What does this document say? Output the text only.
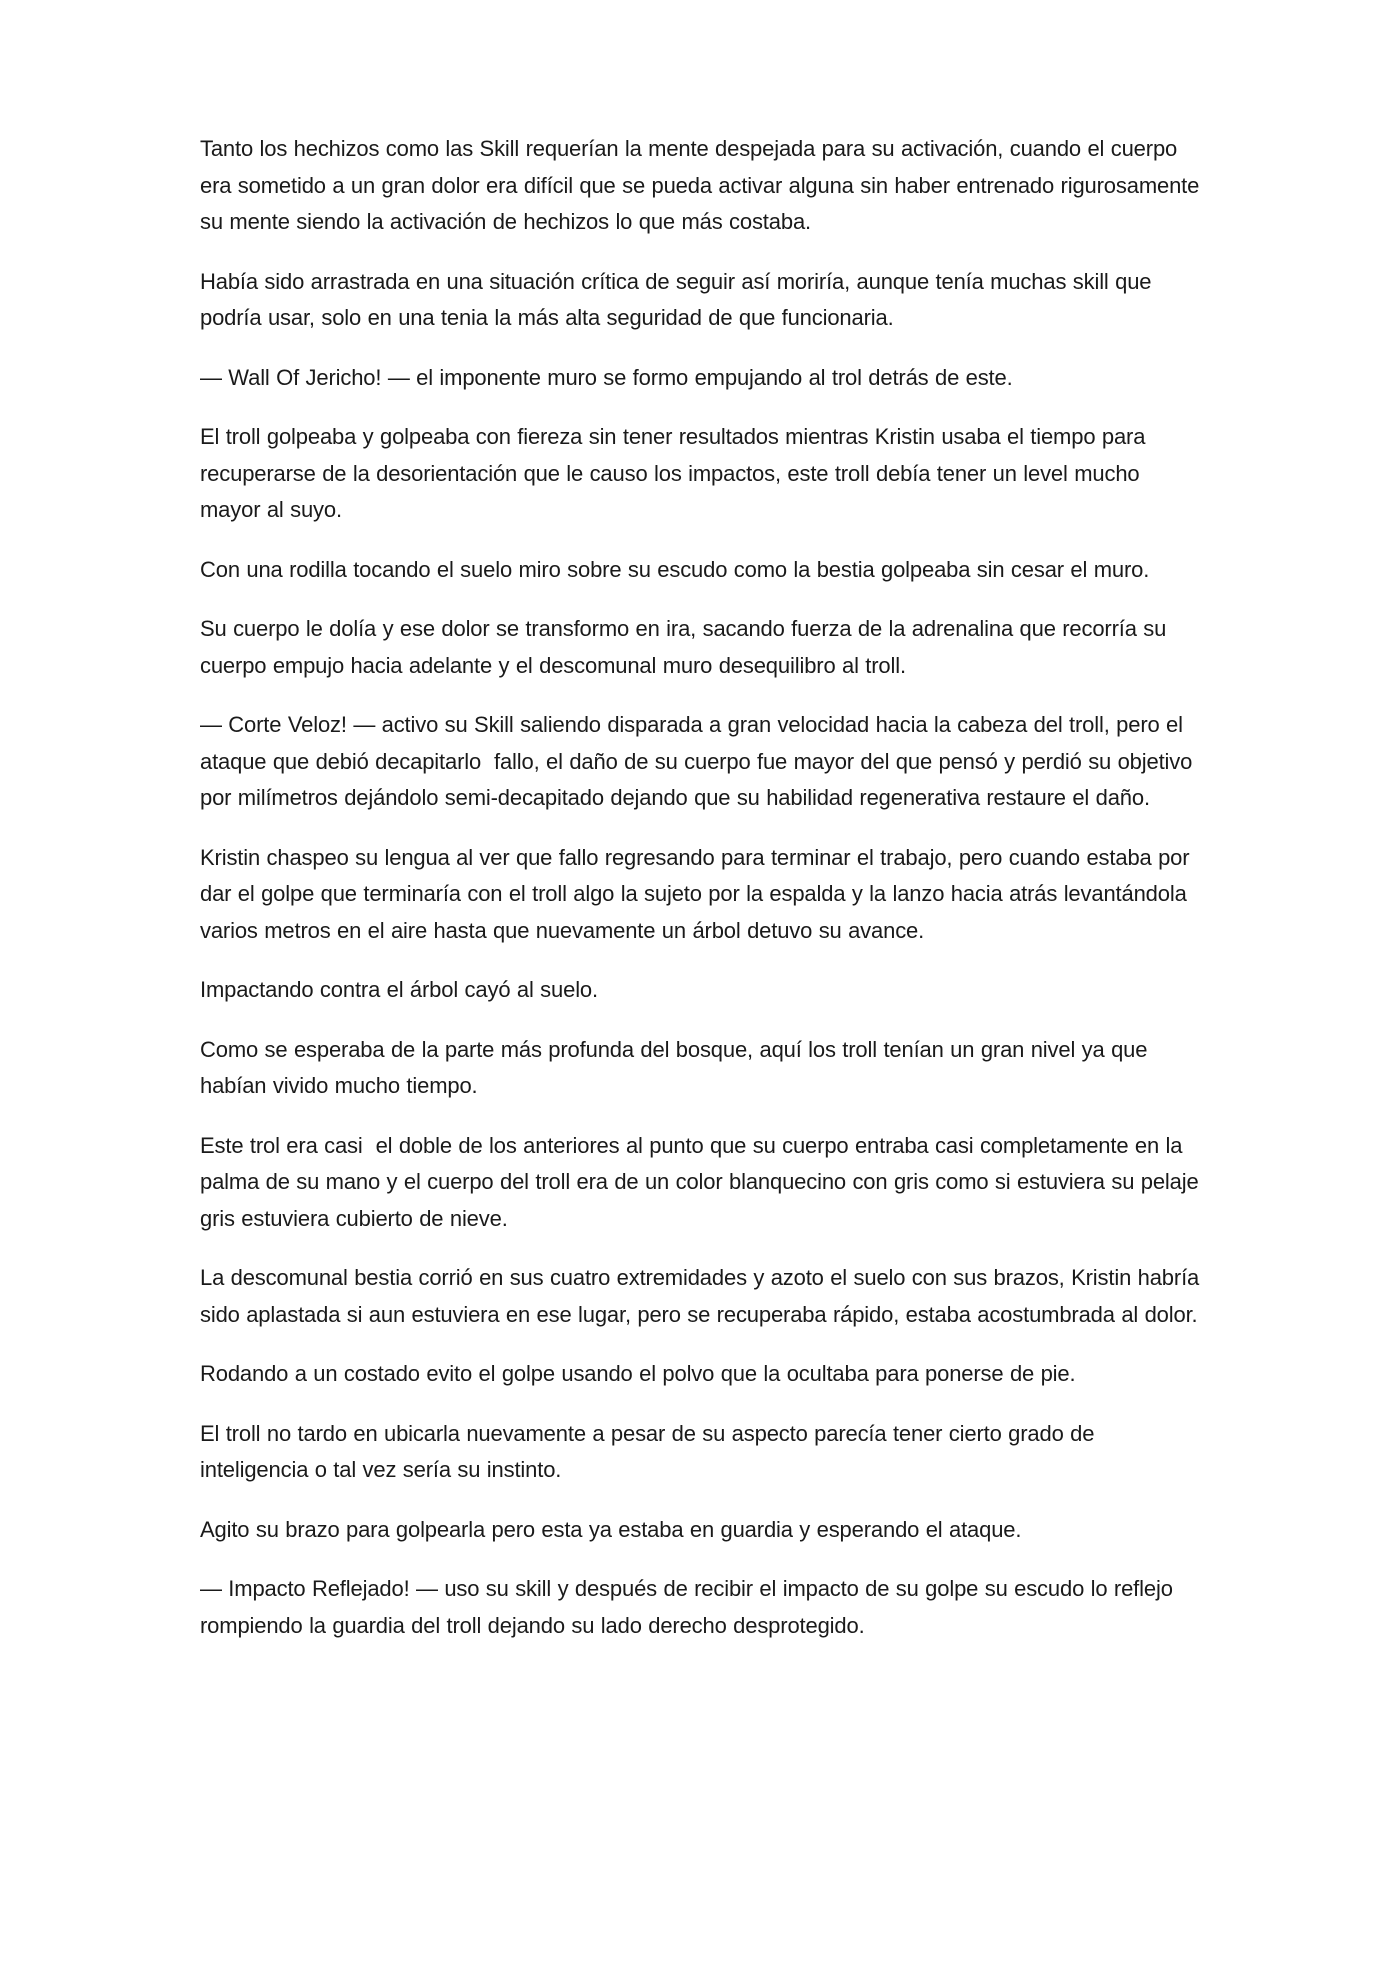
Tanto los hechizos como las Skill requerían la mente despejada para su activación, cuando el cuerpo era sometido a un gran dolor era difícil que se pueda activar alguna sin haber entrenado rigurosamente su mente siendo la activación de hechizos lo que más costaba.

Había sido arrastrada en una situación crítica de seguir así moriría, aunque tenía muchas skill que podría usar, solo en una tenia la más alta seguridad de que funcionaria.

— Wall Of Jericho! — el imponente muro se formo empujando al trol detrás de este.

El troll golpeaba y golpeaba con fiereza sin tener resultados mientras Kristin usaba el tiempo para recuperarse de la desorientación que le causo los impactos, este troll debía tener un level mucho mayor al suyo.

Con una rodilla tocando el suelo miro sobre su escudo como la bestia golpeaba sin cesar el muro.

Su cuerpo le dolía y ese dolor se transformo en ira, sacando fuerza de la adrenalina que recorría su cuerpo empujo hacia adelante y el descomunal muro desequilibro al troll.

— Corte Veloz! — activo su Skill saliendo disparada a gran velocidad hacia la cabeza del troll, pero el ataque que debió decapitarlo  fallo, el daño de su cuerpo fue mayor del que pensó y perdió su objetivo por milímetros dejándolo semi-decapitado dejando que su habilidad regenerativa restaure el daño.

Kristin chaspeo su lengua al ver que fallo regresando para terminar el trabajo, pero cuando estaba por dar el golpe que terminaría con el troll algo la sujeto por la espalda y la lanzo hacia atrás levantándola varios metros en el aire hasta que nuevamente un árbol detuvo su avance.

Impactando contra el árbol cayó al suelo.

Como se esperaba de la parte más profunda del bosque, aquí los troll tenían un gran nivel ya que habían vivido mucho tiempo.

Este trol era casi  el doble de los anteriores al punto que su cuerpo entraba casi completamente en la palma de su mano y el cuerpo del troll era de un color blanquecino con gris como si estuviera su pelaje gris estuviera cubierto de nieve.

La descomunal bestia corrió en sus cuatro extremidades y azoto el suelo con sus brazos, Kristin habría sido aplastada si aun estuviera en ese lugar, pero se recuperaba rápido, estaba acostumbrada al dolor.

Rodando a un costado evito el golpe usando el polvo que la ocultaba para ponerse de pie.

El troll no tardo en ubicarla nuevamente a pesar de su aspecto parecía tener cierto grado de inteligencia o tal vez sería su instinto.

Agito su brazo para golpearla pero esta ya estaba en guardia y esperando el ataque.

— Impacto Reflejado! — uso su skill y después de recibir el impacto de su golpe su escudo lo reflejo rompiendo la guardia del troll dejando su lado derecho desprotegido.
